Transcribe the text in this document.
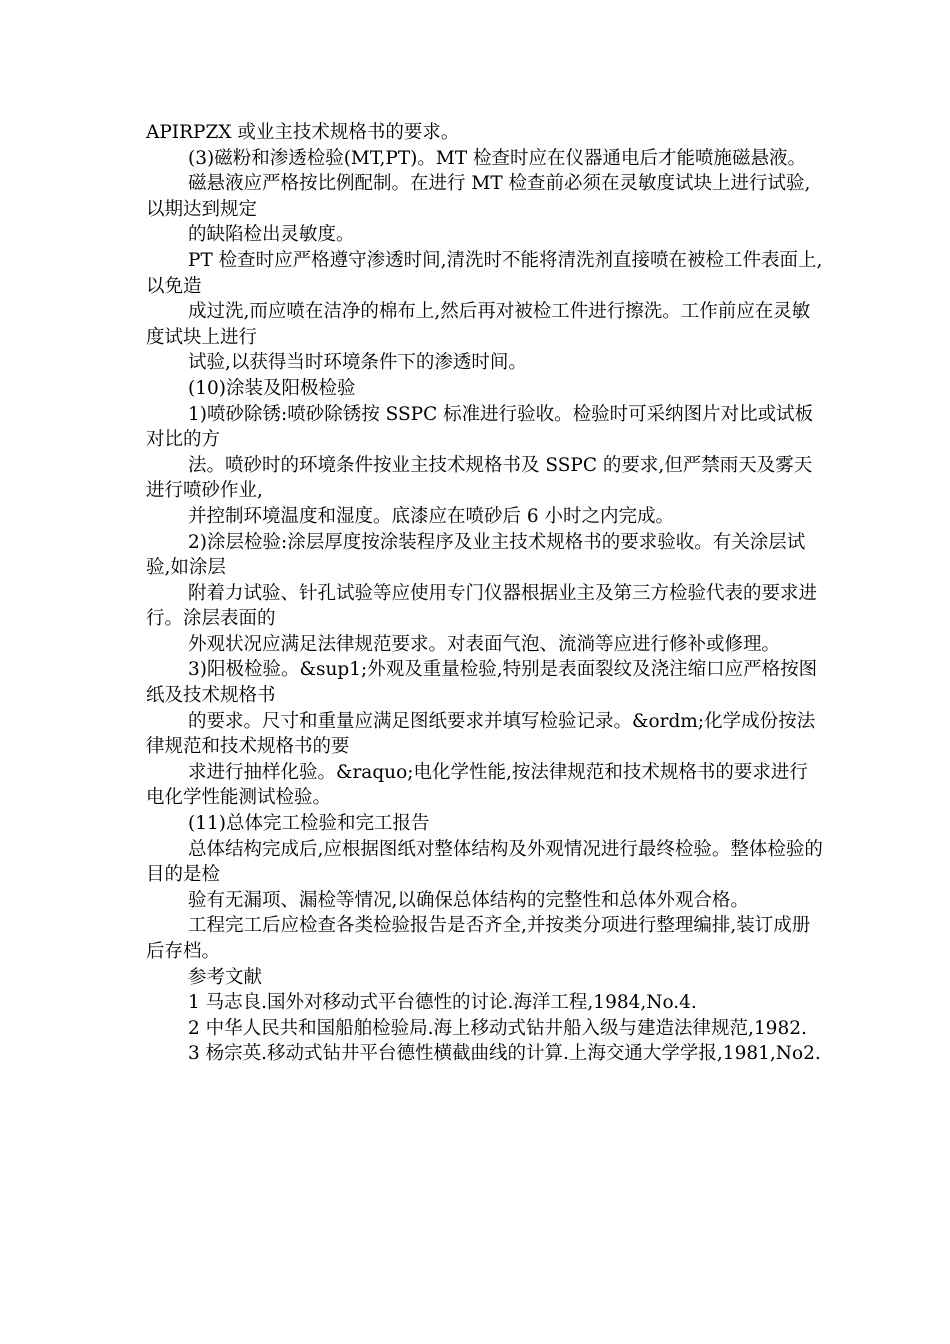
APIRPZX 或业主技术规格书的要求。

(3)磁粉和渗透检验(MT,PT)。MT 检查时应在仪器通电后才能喷施磁悬液。

磁悬液应严格按比例配制。在进行 MT 检查前必须在灵敏度试块上进行试验,以期达到规定

的缺陷检出灵敏度。

PT 检查时应严格遵守渗透时间,清洗时不能将清洗剂直接喷在被检工件表面上,以免造

成过洗,而应喷在洁净的棉布上,然后再对被检工件进行擦洗。工作前应在灵敏度试块上进行

试验,以获得当时环境条件下的渗透时间。

(10)涂装及阳极检验

1)喷砂除锈:喷砂除锈按 SSPC 标准进行验收。检验时可采纳图片对比或试板对比的方

法。喷砂时的环境条件按业主技术规格书及 SSPC 的要求,但严禁雨天及雾天进行喷砂作业,

并控制环境温度和湿度。底漆应在喷砂后 6 小时之内完成。

2)涂层检验:涂层厚度按涂装程序及业主技术规格书的要求验收。有关涂层试验,如涂层

附着力试验、针孔试验等应使用专门仪器根据业主及第三方检验代表的要求进行。涂层表面的

外观状况应满足法律规范要求。对表面气泡、流淌等应进行修补或修理。

3)阳极检验。&sup1;外观及重量检验,特别是表面裂纹及浇注缩口应严格按图纸及技术规格书

的要求。尺寸和重量应满足图纸要求并填写检验记录。&ordm;化学成份按法律规范和技术规格书的要

求进行抽样化验。&raquo;电化学性能,按法律规范和技术规格书的要求进行电化学性能测试检验。

(11)总体完工检验和完工报告

总体结构完成后,应根据图纸对整体结构及外观情况进行最终检验。整体检验的目的是检

验有无漏项、漏检等情况,以确保总体结构的完整性和总体外观合格。

工程完工后应检查各类检验报告是否齐全,并按类分项进行整理编排,装订成册后存档。

参考文献

1 马志良.国外对移动式平台德性的讨论.海洋工程,1984,No.4.

2 中华人民共和国船舶检验局.海上移动式钻井船入级与建造法律规范,1982.

3 杨宗英.移动式钻井平台德性横截曲线的计算.上海交通大学学报,1981,No2.
